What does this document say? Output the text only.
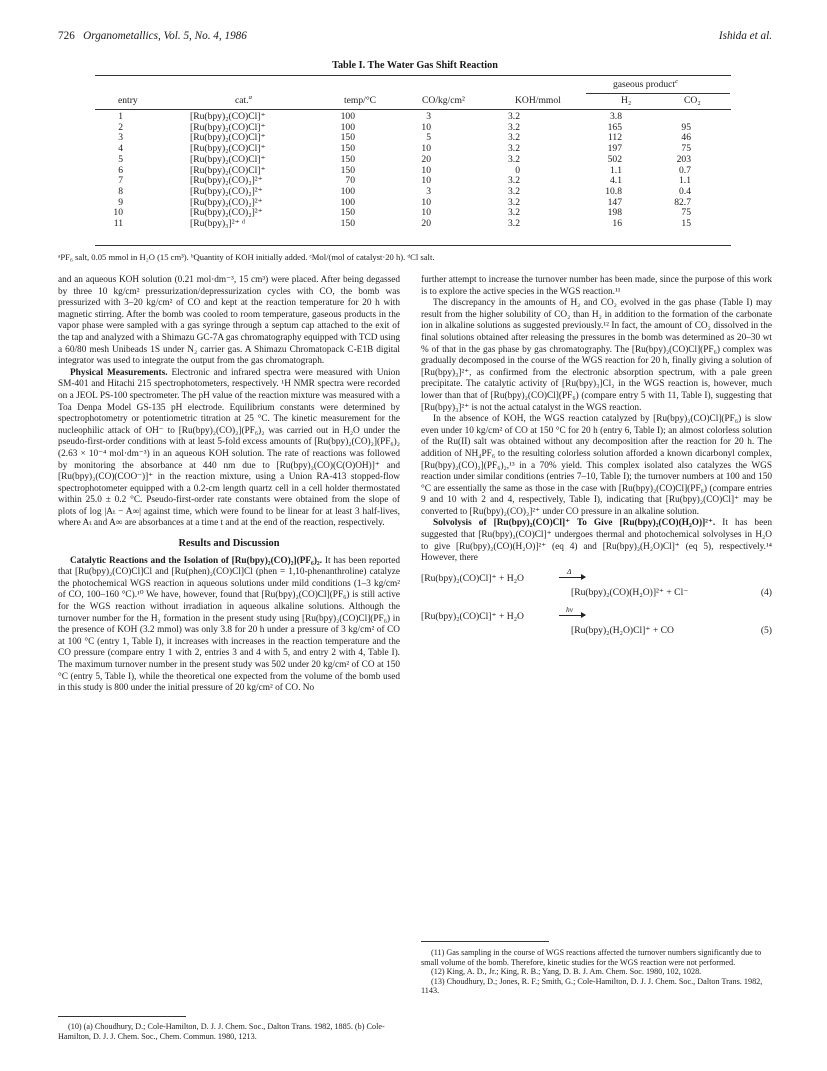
726 Organometallics, Vol. 5, No. 4, 1986	Ishida et al.
Table I. The Water Gas Shift Reaction
gaseous product$^c$
entry	cat.$^a$	temp/°C	CO/kg/cm²	KOH/mmol	H₂	CO₂
1	[Ru(bpy)₂(CO)Cl]⁺	100	3	3.2	3.8
2	[Ru(bpy)₂(CO)Cl]⁺	100	10	3.2	165	95
3	[Ru(bpy)₂(CO)Cl]⁺	150	5	3.2	112	46
4	[Ru(bpy)₂(CO)Cl]⁺	150	10	3.2	197	75
5	[Ru(bpy)₂(CO)Cl]⁺	150	20	3.2	502	203
6	[Ru(bpy)₂(CO)Cl]⁺	150	10	0	1.1	0.7
7	[Ru(bpy)₂(CO)₂]²⁺	70	10	3.2	4.1	1.1
8	[Ru(bpy)₂(CO)₂]²⁺	100	3	3.2	10.8	0.4
9	[Ru(bpy)₂(CO)₂]²⁺	100	10	3.2	147	82.7
10	[Ru(bpy)₂(CO)₂]²⁺	150	10	3.2	198	75
11	[Ru(bpy)₃]²⁺ ᵈ	150	20	3.2	16	15
ᵃPF₆ salt, 0.05 mmol in H₂O (15 cm³). ᵇQuantity of KOH initially added. ᶜMol/(mol of catalyst·20 h). ᵈCl salt.

and an aqueous KOH solution (0.21 mol·dm⁻³, 15 cm³) were placed. After being degassed by three 10 kg/cm² pressurization/depressurization cycles with CO, the bomb was pressurized with 3–20 kg/cm² of CO and kept at the reaction temperature for 20 h with magnetic stirring. After the bomb was cooled to room temperature, gaseous products in the vapor phase were sampled with a gas syringe through a septum cap attached to the exit of the tap and analyzed with a Shimazu GC-7A gas chromatography equipped with TCD using a 60/80 mesh Unibeads 1S under N₂ carrier gas. A Shimazu Chromatopack C-E1B digital integrator was used to integrate the output from the gas chromatograph.

Physical Measurements. Electronic and infrared spectra were measured with Union SM-401 and Hitachi 215 spectrophotometers, respectively. ¹H NMR spectra were recorded on a JEOL PS-100 spectrometer. The pH value of the reaction mixture was measured with a Toa Denpa Model GS-135 pH electrode. Equilibrium constants were determined by spectrophotometry or potentiometric titration at 25 °C. The kinetic measurement for the nucleophilic attack of OH⁻ to [Ru(bpy)₂(CO)₂](PF₆)₂ was carried out in H₂O under the pseudo-first-order conditions with at least 5-fold excess amounts of [Ru(bpy)₂(CO)₂](PF₆)₂ (2.63 × 10⁻⁴ mol·dm⁻³) in an aqueous KOH solution. The rate of reactions was followed by monitoring the absorbance at 440 nm due to [Ru(bpy)₂(CO)(C(O)OH)]⁺ and [Ru(bpy)₂(CO)(COO⁻)]⁺ in the reaction mixture, using a Union RA-413 stopped-flow spectrophotometer equipped with a 0.2-cm length quartz cell in a cell holder thermostated within 25.0 ± 0.2 °C. Pseudo-first-order rate constants were obtained from the slope of plots of log |Aₜ − A∞| against time, which were found to be linear for at least 3 half-lives, where Aₜ and A∞ are absorbances at a time t and at the end of the reaction, respectively.

Results and Discussion

Catalytic Reactions and the Isolation of [Ru(bpy)₂(CO)₂](PF₆)₂. It has been reported that [Ru(bpy)₂(CO)Cl]Cl and [Ru(phen)₂(CO)Cl]Cl (phen = 1,10-phenanthroline) catalyze the photochemical WGS reaction in aqueous solutions under mild conditions (1–3 kg/cm² of CO, 100–160 °C).¹⁰ We have, however, found that [Ru(bpy)₂(CO)Cl](PF₆) is still active for the WGS reaction without irradiation in aqueous alkaline solutions. Although the turnover number for the H₂ formation in the present study using [Ru(bpy)₂(CO)Cl](PF₆) in the presence of KOH (3.2 mmol) was only 3.8 for 20 h under a pressure of 3 kg/cm² of CO at 100 °C (entry 1, Table I), it increases with increases in the reaction temperature and the CO pressure (compare entry 1 with 2, entries 3 and 4 with 5, and entry 2 with 4, Table I). The maximum turnover number in the present study was 502 under 20 kg/cm² of CO at 150 °C (entry 5, Table I), while the theoretical one expected from the volume of the bomb used in this study is 800 under the initial pressure of 20 kg/cm² of CO. No

(10) (a) Choudhury, D.; Cole-Hamilton, D. J. J. Chem. Soc., Dalton Trans. 1982, 1885. (b) Cole-Hamilton, D. J. J. Chem. Soc., Chem. Commun. 1980, 1213.

further attempt to increase the turnover number has been made, since the purpose of this work is to explore the active species in the WGS reaction.¹¹

The discrepancy in the amounts of H₂ and CO₂ evolved in the gas phase (Table I) may result from the higher solubility of CO₂ than H₂ in addition to the formation of the carbonate ion in alkaline solutions as suggested previously.¹² In fact, the amount of CO₂ dissolved in the final solutions obtained after releasing the pressures in the bomb was determined as 20–30 wt % of that in the gas phase by gas chromatography. The [Ru(bpy)₂(CO)Cl](PF₆) complex was gradually decomposed in the course of the WGS reaction for 20 h, finally giving a solution of [Ru(bpy)₃]²⁺, as confirmed from the electronic absorption spectrum, with a pale green precipitate. The catalytic activity of [Ru(bpy)₃]Cl₂ in the WGS reaction is, however, much lower than that of [Ru(bpy)₂(CO)Cl](PF₆) (compare entry 5 with 11, Table I), suggesting that [Ru(bpy)₃]²⁺ is not the actual catalyst in the WGS reaction.

In the absence of KOH, the WGS reaction catalyzed by [Ru(bpy)₂(CO)Cl](PF₆) is slow even under 10 kg/cm² of CO at 150 °C for 20 h (entry 6, Table I); an almost colorless solution of the Ru(II) salt was obtained without any decomposition after the reaction for 20 h. The addition of NH₄PF₆ to the resulting colorless solution afforded a known dicarbonyl complex, [Ru(bpy)₂(CO)₂](PF₆)₂,¹³ in a 70% yield. This complex isolated also catalyzes the WGS reaction under similar conditions (entries 7–10, Table I); the turnover numbers at 100 and 150 °C are essentially the same as those in the case with [Ru(bpy)₂(CO)Cl](PF₆) (compare entries 9 and 10 with 2 and 4, respectively, Table I), indicating that [Ru(bpy)₂(CO)Cl]⁺ may be converted to [Ru(bpy)₂(CO)₂]²⁺ under CO pressure in an alkaline solution.

Solvolysis of [Ru(bpy)₂(CO)Cl]⁺ To Give [Ru(bpy)₂(CO)(H₂O)]²⁺. It has been suggested that [Ru(bpy)₂(CO)Cl]⁺ undergoes thermal and photochemical solvolyses in H₂O to give [Ru(bpy)₂(CO)(H₂O)]²⁺ (eq 4) and [Ru(bpy)₂(H₂O)Cl]⁺ (eq 5), respectively.¹⁴ However, there

[Ru(bpy)₂(CO)Cl]⁺ + H₂O
Δ
[Ru(bpy)₂(CO)(H₂O)]²⁺ + Cl⁻	(4)
[Ru(bpy)₂(CO)Cl]⁺ + H₂O
hν
[Ru(bpy)₂(H₂O)Cl]⁺ + CO	(5)

(11) Gas sampling in the course of WGS reactions affected the turnover numbers significantly due to small volume of the bomb. Therefore, kinetic studies for the WGS reaction were not performed.

(12) King, A. D., Jr.; King, R. B.; Yang, D. B. J. Am. Chem. Soc. 1980, 102, 1028.

(13) Choudhury, D.; Jones, R. F.; Smith, G.; Cole-Hamilton, D. J. J. Chem. Soc., Dalton Trans. 1982, 1143.
